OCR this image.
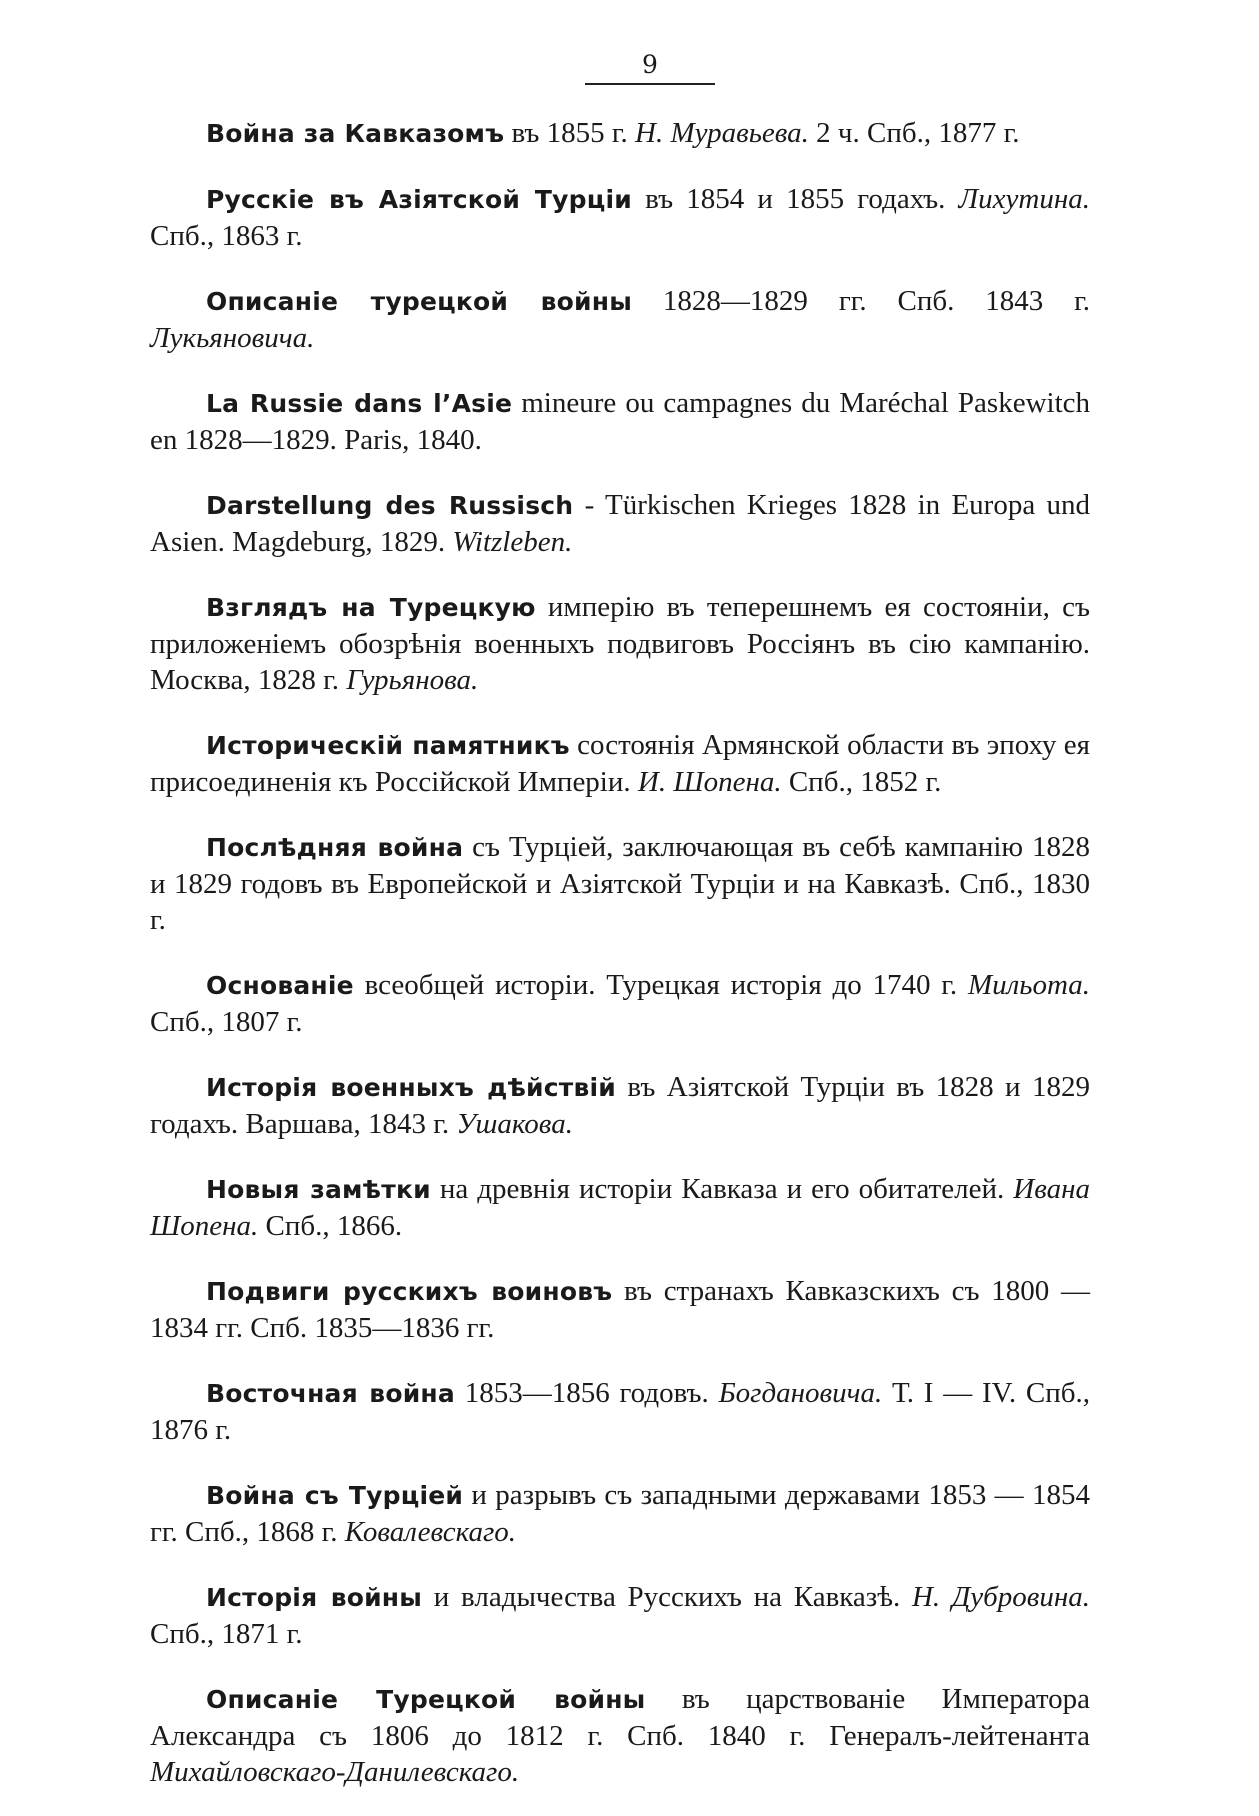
9

Война за Кавказомъ въ 1855 г. Н. Муравьева. 2 ч. Спб., 1877 г.

Русскіе въ Азіятской Турціи въ 1854 и 1855 годахъ. Лихутина. Спб., 1863 г.

Описаніе турецкой войны 1828—1829 гг. Спб. 1843 г. Лукьяновича.

La Russie dans l’Asie mineure ou campagnes du Maréchal Paskewitch en 1828—1829. Paris, 1840.

Darstellung des Russisch - Türkischen Krieges 1828 in Europa und Asien. Magdeburg, 1829. Witzleben.

Взглядъ на Турецкую имперію въ теперешнемъ ея состояніи, съ приложеніемъ обозрѣнія военныхъ подвиговъ Россіянъ въ сію кампанію. Москва, 1828 г. Гурьянова.

Историческій памятникъ состоянія Армянской области въ эпоху ея присоединенія къ Россійской Имперіи. И. Шопена. Спб., 1852 г.

Послѣдняя война съ Турціей, заключающая въ себѣ кампанію 1828 и 1829 годовъ въ Европейской и Азіятской Турціи и на Кавказѣ. Спб., 1830 г.

Основаніе всеобщей исторіи. Турецкая исторія до 1740 г. Мильота. Спб., 1807 г.

Исторія военныхъ дѣйствій въ Азіятской Турціи въ 1828 и 1829 годахъ. Варшава, 1843 г. Ушакова.

Новыя замѣтки на древнія исторіи Кавказа и его обитателей. Ивана Шопена. Спб., 1866.

Подвиги русскихъ воиновъ въ странахъ Кавказскихъ съ 1800 — 1834 гг. Спб. 1835—1836 гг.

Восточная война 1853—1856 годовъ. Богдановича. Т. I — IV. Спб., 1876 г.

Война съ Турціей и разрывъ съ западными державами 1853 — 1854 гг. Спб., 1868 г. Ковалевскаго.

Исторія войны и владычества Русскихъ на Кавказѣ. Н. Дубровина. Спб., 1871 г.

Описаніе Турецкой войны въ царствованіе Императора Александра съ 1806 до 1812 г. Спб. 1840 г. Генералъ-лейтенанта Михайловскаго-Данилевскаго.
